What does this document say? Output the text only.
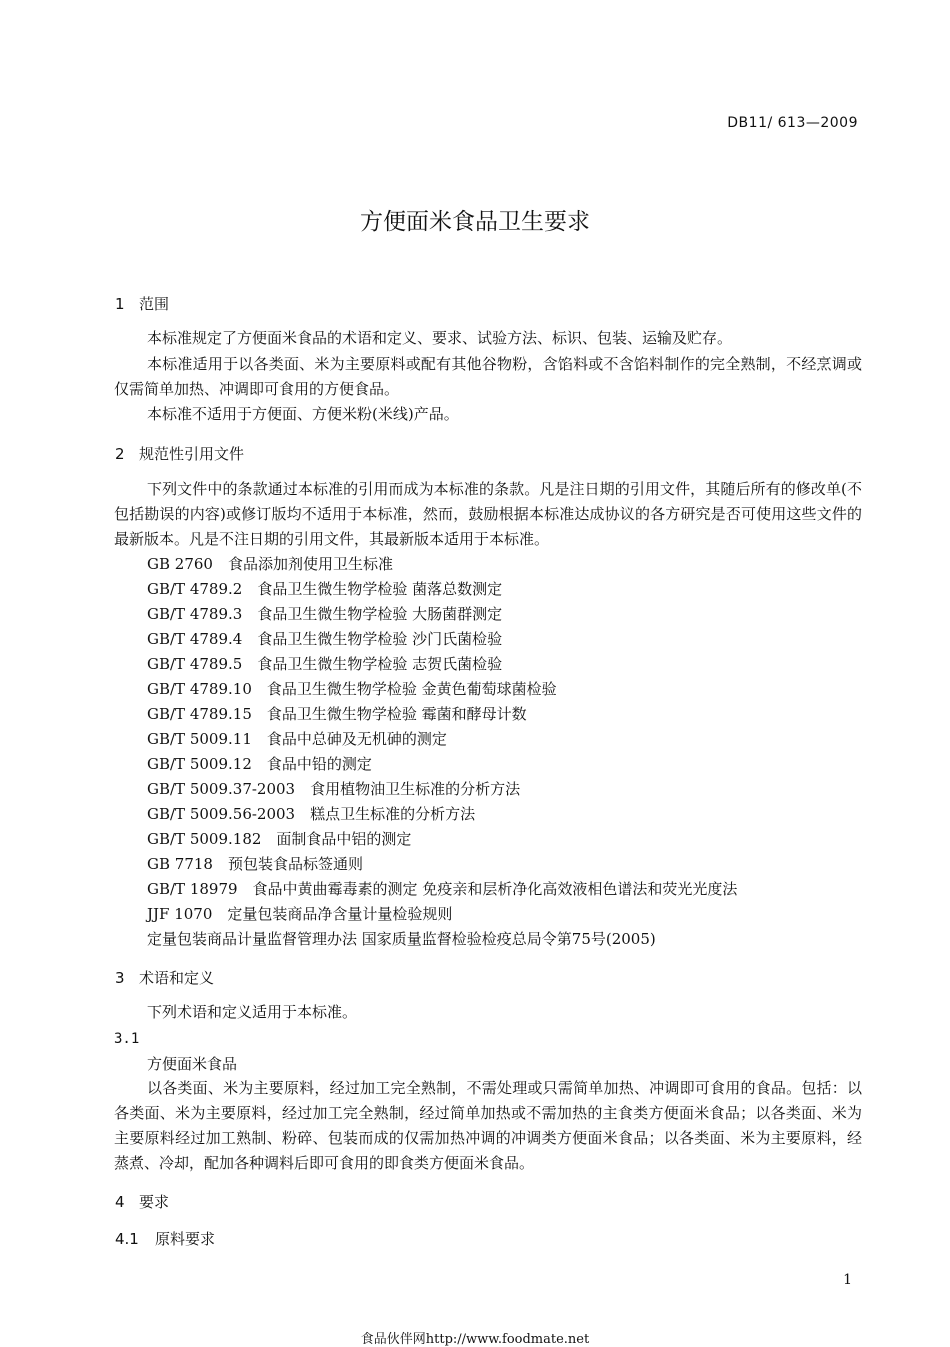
DB11/ 613—2009
方便面米食品卫生要求
1 范围

本标准规定了方便面米食品的术语和定义、要求、试验方法、标识、包装、运输及贮存。

本标准适用于以各类面、米为主要原料或配有其他谷物粉，含馅料或不含馅料制作的完全熟制，不经烹调或仅需简单加热、冲调即可食用的方便食品。

本标准不适用于方便面、方便米粉(米线)产品。

2 规范性引用文件

下列文件中的条款通过本标准的引用而成为本标准的条款。凡是注日期的引用文件，其随后所有的修改单(不包括勘误的内容)或修订版均不适用于本标准，然而，鼓励根据本标准达成协议的各方研究是否可使用这些文件的最新版本。凡是不注日期的引用文件，其最新版本适用于本标准。

GB 2760　食品添加剂使用卫生标准
GB/T 4789.2　食品卫生微生物学检验 菌落总数测定
GB/T 4789.3　食品卫生微生物学检验 大肠菌群测定
GB/T 4789.4　食品卫生微生物学检验 沙门氏菌检验
GB/T 4789.5　食品卫生微生物学检验 志贺氏菌检验
GB/T 4789.10　食品卫生微生物学检验 金黄色葡萄球菌检验
GB/T 4789.15　食品卫生微生物学检验 霉菌和酵母计数
GB/T 5009.11　食品中总砷及无机砷的测定
GB/T 5009.12　食品中铅的测定
GB/T 5009.37-2003　食用植物油卫生标准的分析方法
GB/T 5009.56-2003　糕点卫生标准的分析方法
GB/T 5009.182　面制食品中铝的测定
GB 7718　预包装食品标签通则
GB/T 18979　食品中黄曲霉毒素的测定 免疫亲和层析净化高效液相色谱法和荧光光度法
JJF 1070　定量包装商品净含量计量检验规则
定量包装商品计量监督管理办法 国家质量监督检验检疫总局令第75号(2005)
3 术语和定义

下列术语和定义适用于本标准。

3.1
方便面米食品

以各类面、米为主要原料，经过加工完全熟制，不需处理或只需简单加热、冲调即可食用的食品。包括：以各类面、米为主要原料，经过加工完全熟制，经过简单加热或不需加热的主食类方便面米食品；以各类面、米为主要原料经过加工熟制、粉碎、包装而成的仅需加热冲调的冲调类方便面米食品；以各类面、米为主要原料，经蒸煮、冷却，配加各种调料后即可食用的即食类方便面米食品。

4 要求
4.1 原料要求
1
食品伙伴网http://www.foodmate.net
